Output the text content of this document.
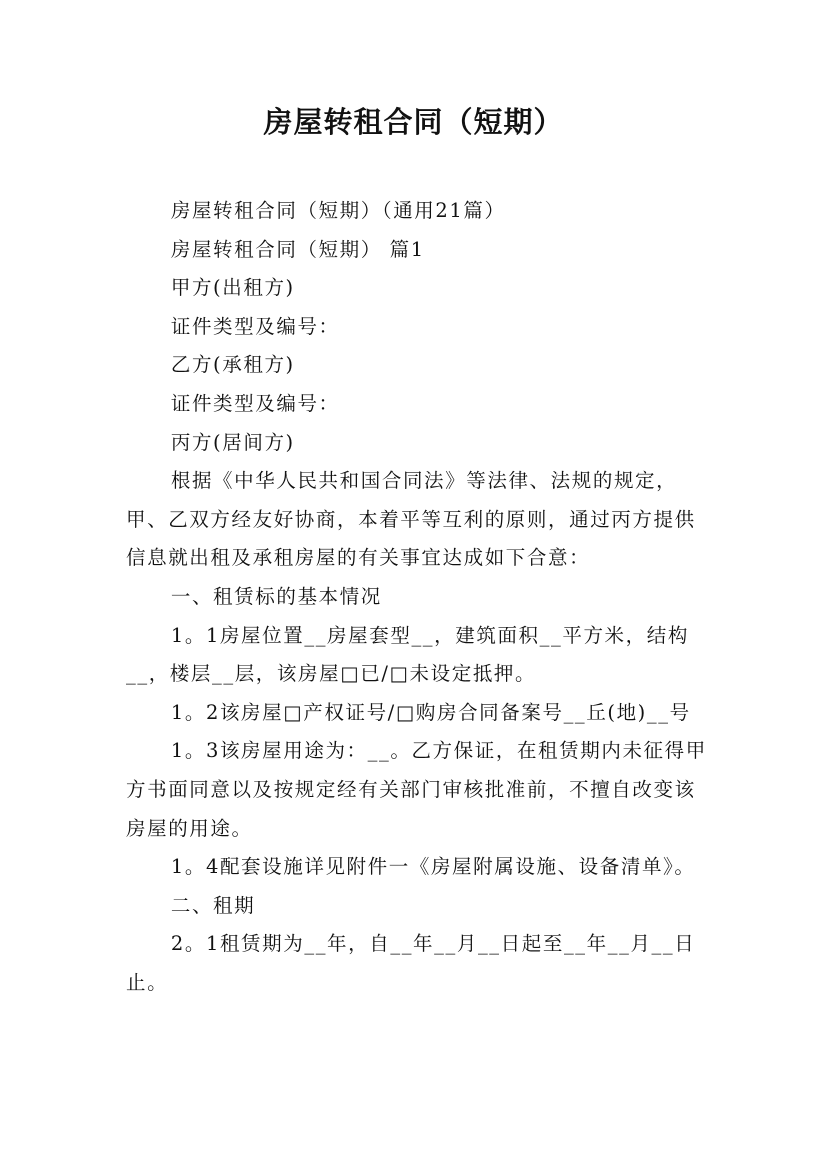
房屋转租合同（短期）

房屋转租合同（短期）（通用21篇）

房屋转租合同（短期） 篇1

甲方(出租方)

证件类型及编号：

乙方(承租方)

证件类型及编号：

丙方(居间方)

根据《中华人民共和国合同法》等法律、法规的规定，甲、乙双方经友好协商，本着平等互利的原则，通过丙方提供信息就出租及承租房屋的有关事宜达成如下合意：

一、租赁标的基本情况

1。1房屋位置__房屋套型__，建筑面积__平方米，结构__，楼层__层，该房屋□已/□未设定抵押。

1。2该房屋□产权证号/□购房合同备案号__丘(地)__号

1。3该房屋用途为：__。乙方保证，在租赁期内未征得甲方书面同意以及按规定经有关部门审核批准前，不擅自改变该房屋的用途。

1。4配套设施详见附件一《房屋附属设施、设备清单》。

二、租期

2。1租赁期为__年，自__年__月__日起至__年__月__日止。
